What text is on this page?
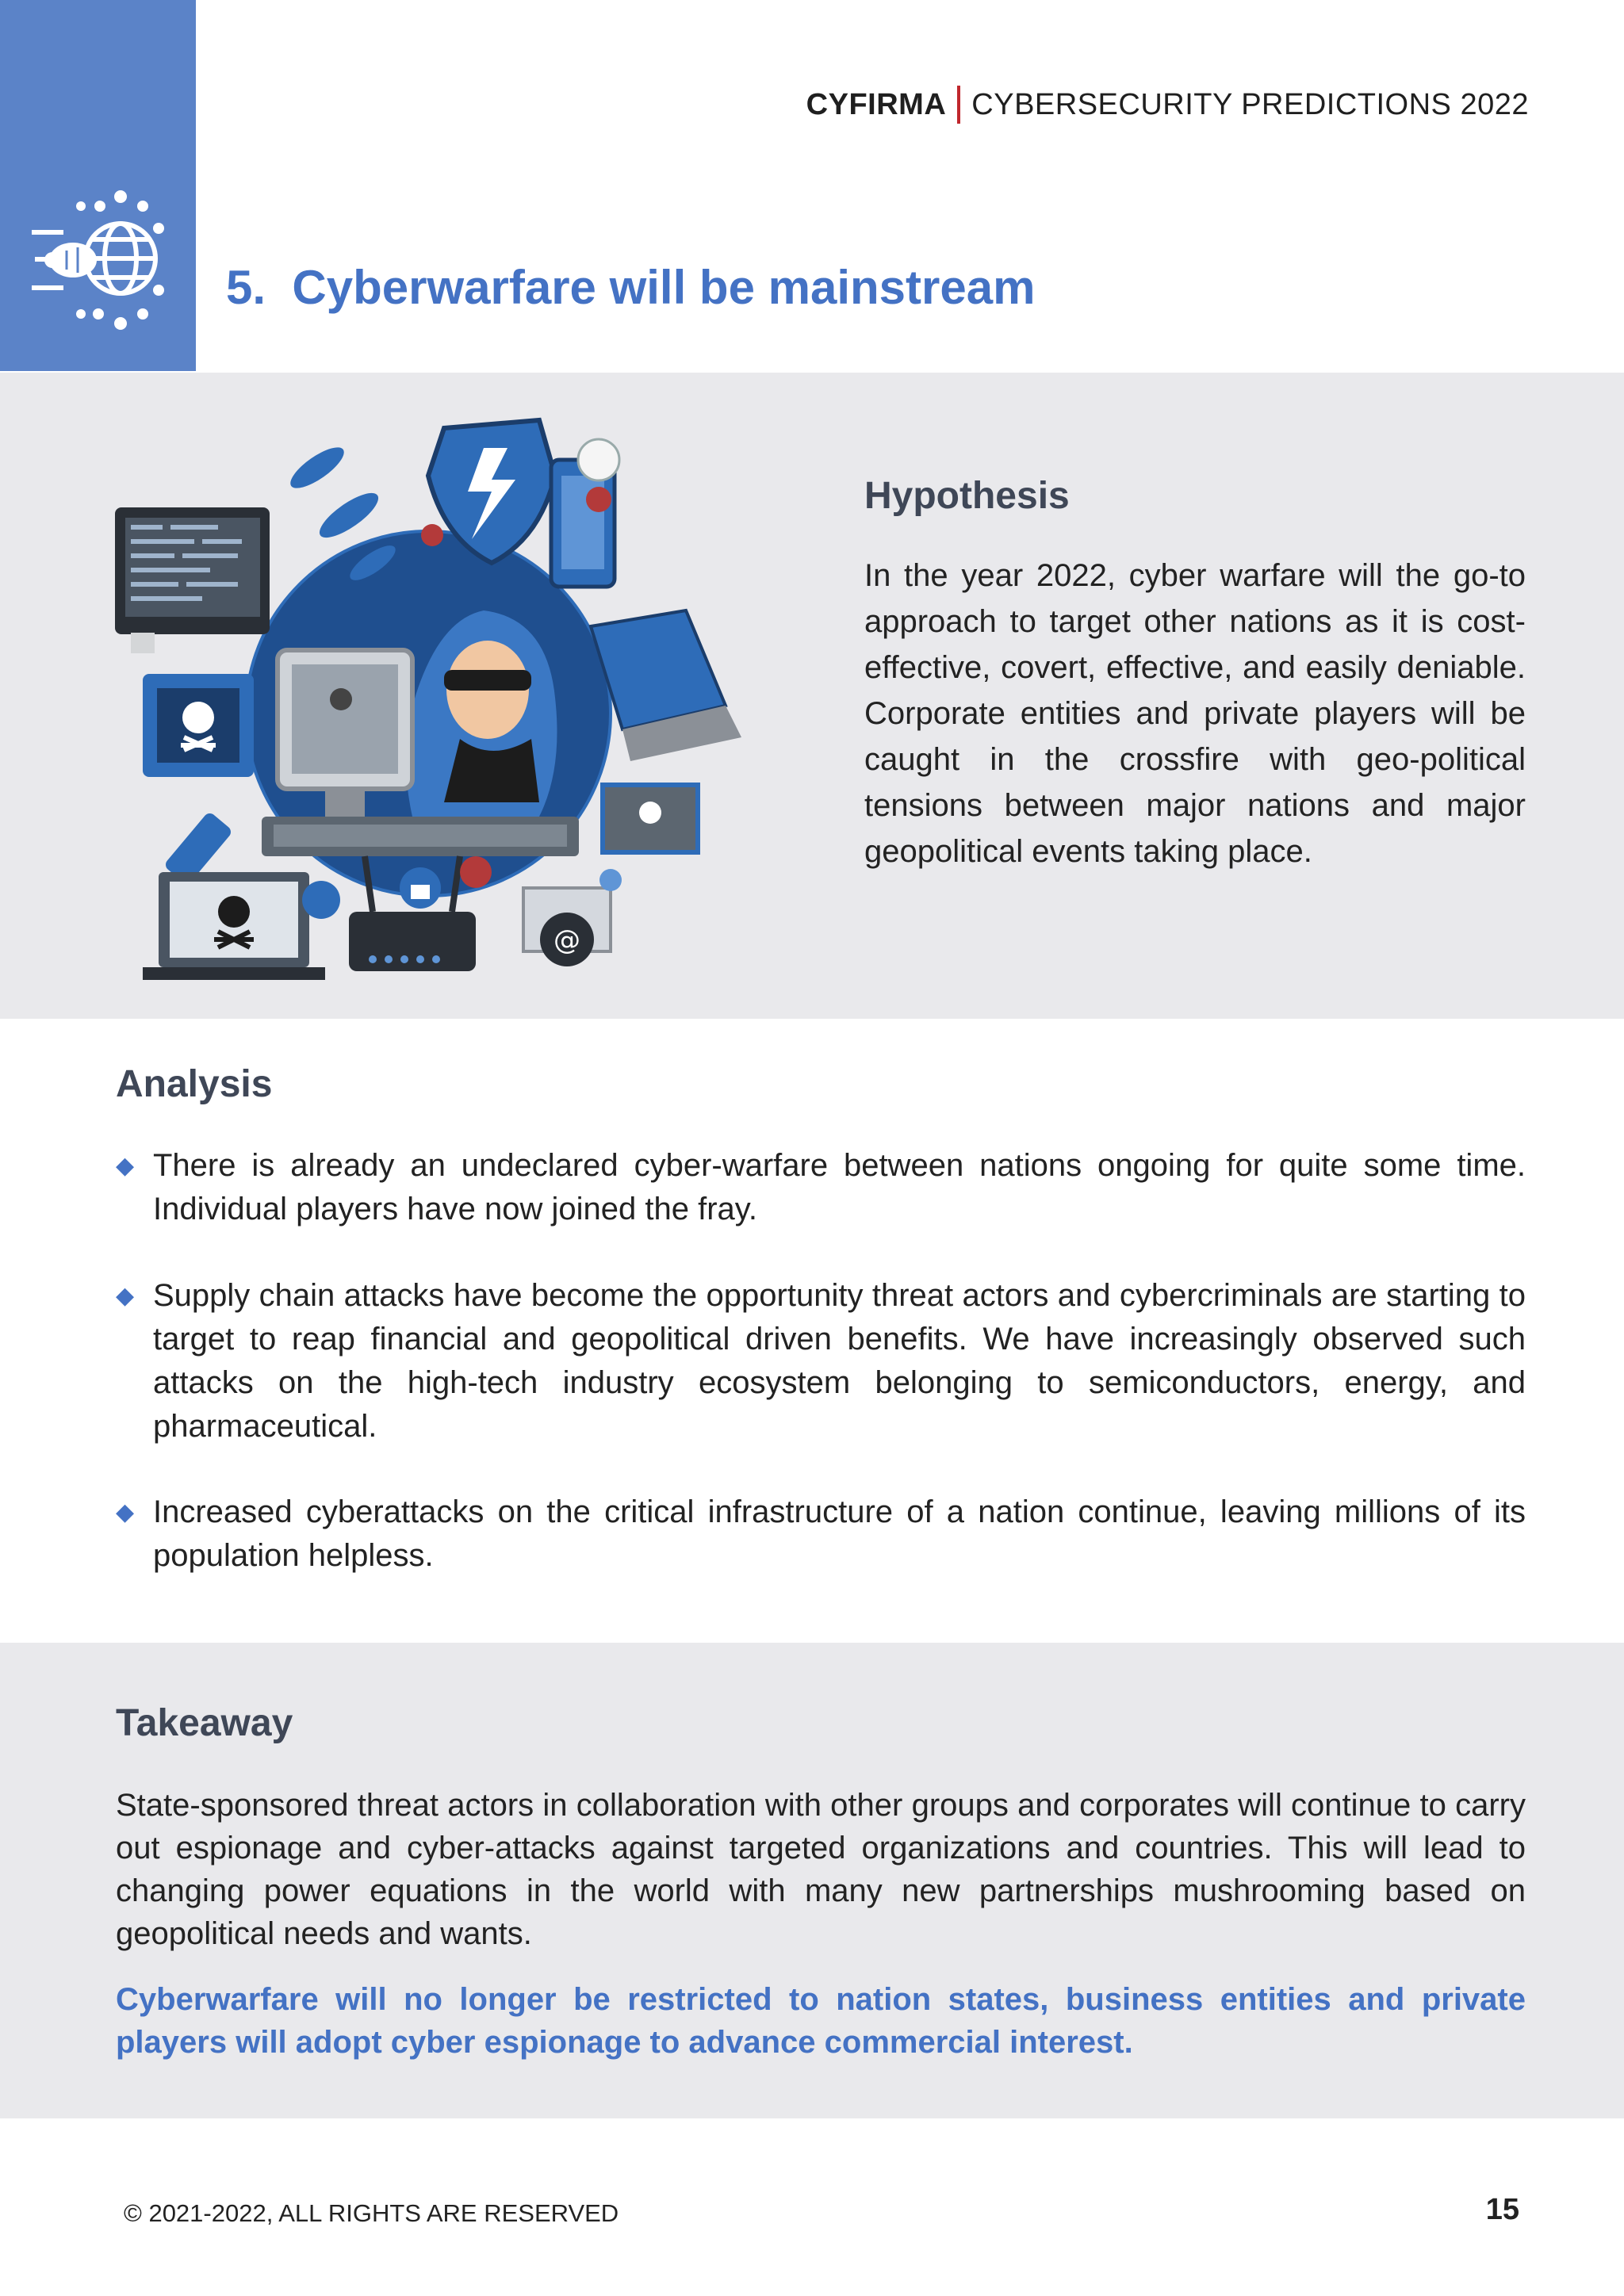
CYFIRMA CYBERSECURITY PREDICTIONS 2022
5. Cyberwarfare will be mainstream
@
Hypothesis
In the year 2022, cyber warfare will the go-to approach to target other nations as it is cost-effective, covert, effective, and easily deniable. Corporate entities and private players will be caught in the crossfire with geo-political tensions between major nations and major geopolitical events taking place.
Analysis
◆ There is already an undeclared cyber-warfare between nations ongoing for quite some time. Individual players have now joined the fray.
◆ Supply chain attacks have become the opportunity threat actors and cybercriminals are starting to target to reap financial and geopolitical driven benefits. We have increasingly observed such attacks on the high-tech industry ecosystem belonging to semiconductors, energy, and pharmaceutical.
◆ Increased cyberattacks on the critical infrastructure of a nation continue, leaving millions of its population helpless.
Takeaway
State-sponsored threat actors in collaboration with other groups and corporates will continue to carry out espionage and cyber-attacks against targeted organizations and countries. This will lead to changing power equations in the world with many new partnerships mushrooming based on geopolitical needs and wants.
Cyberwarfare will no longer be restricted to nation states, business entities and private players will adopt cyber espionage to advance commercial interest.
© 2021-2022, ALL RIGHTS ARE RESERVED	15
